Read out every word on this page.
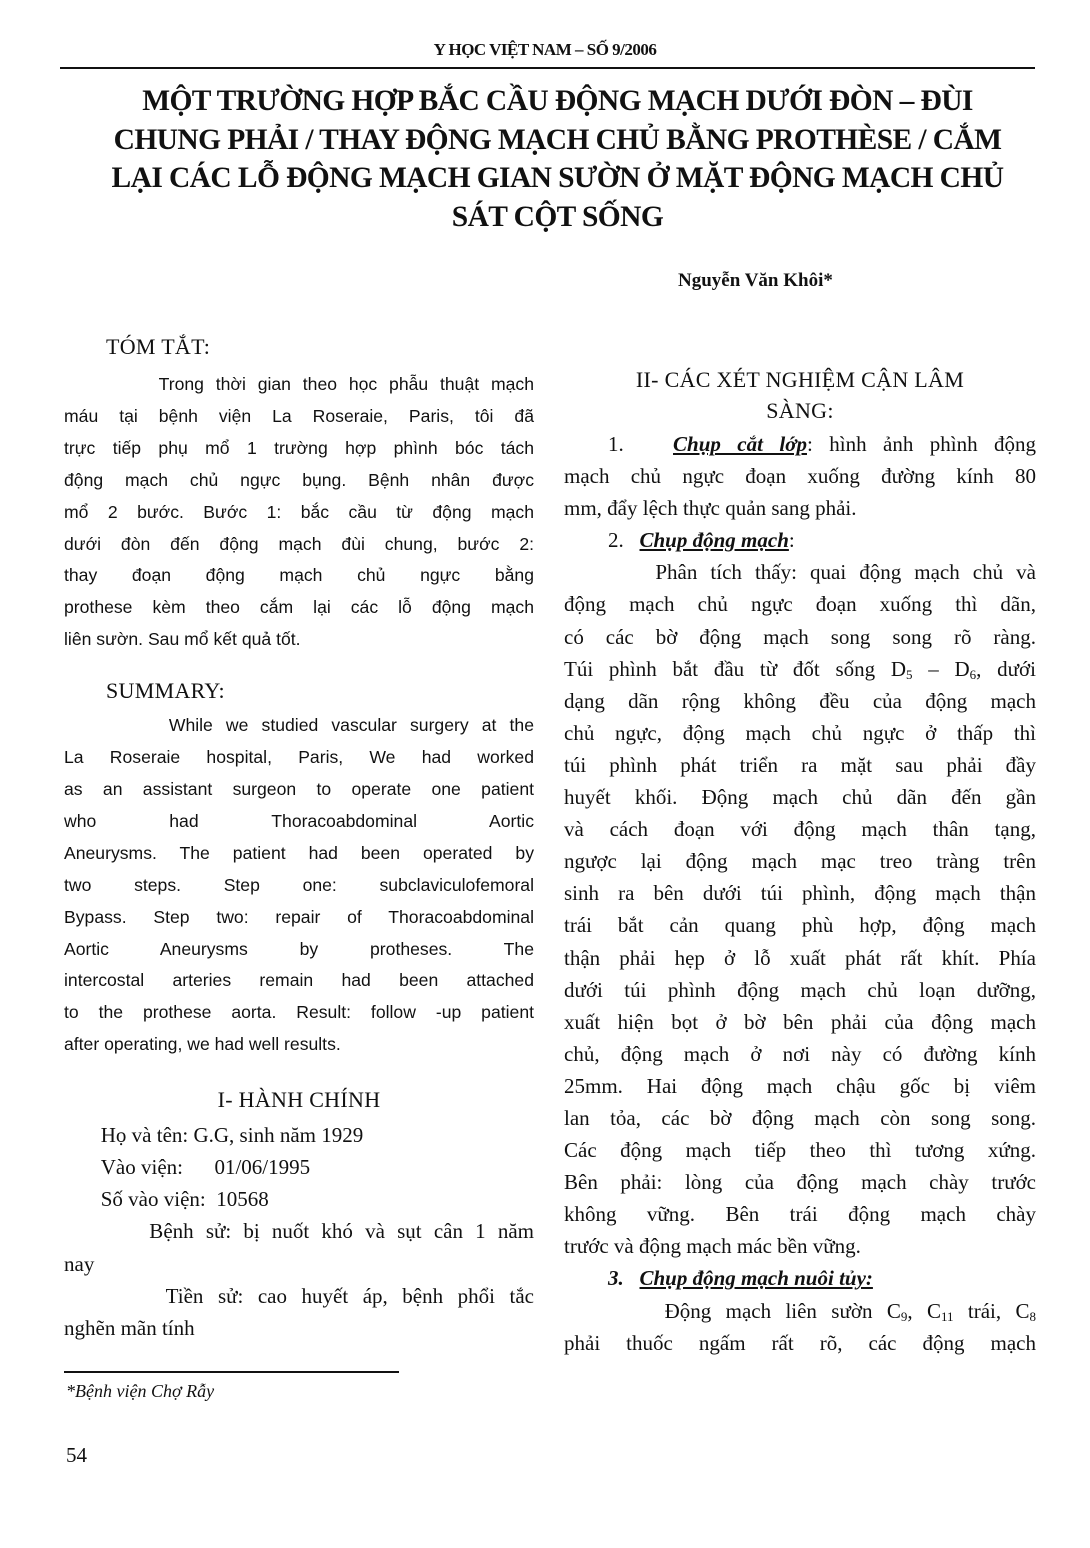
Y HỌC VIỆT NAM – SỐ 9/2006
MỘT TRƯỜNG HỢP BẮC CẦU ĐỘNG MẠCH DƯỚI ĐÒN – ĐÙI
CHUNG PHẢI / THAY ĐỘNG MẠCH CHỦ BẰNG PROTHÈSE / CẮM
LẠI CÁC LỖ ĐỘNG MẠCH GIAN SƯỜN Ở MẶT ĐỘNG MẠCH CHỦ
SÁT CỘT SỐNG
Nguyễn Văn Khôi*
TÓM TẮT:
Trong thời gian theo học phẫu thuật mạch
máu tại bệnh viện La Roseraie, Paris, tôi đã
trực tiếp phụ mổ 1 trường hợp phình bóc tách
động mạch chủ ngực bụng. Bệnh nhân được
mổ 2 bước. Bước 1: bắc cầu từ động mạch
dưới đòn đến động mạch đùi chung, bước 2:
thay đoạn động mạch chủ ngực bằng
prothese kèm theo cắm lại các lỗ động mạch
liên sườn. Sau mổ kết quả tốt.
SUMMARY:
While we studied vascular surgery at the
La Roseraie hospital, Paris, We had worked
as an assistant surgeon to operate one patient
who had Thoracoabdominal Aortic
Aneurysms. The patient had been operated by
two steps. Step one: subclaviculofemoral
Bypass. Step two: repair of Thoracoabdominal
Aortic Aneurysms by protheses. The
intercostal arteries remain had been attached
to the prothese aorta. Result: follow -up patient
after operating, we had well results.
I- HÀNH CHÍNH
Họ và tên: G.G, sinh năm 1929
Vào viện:      01/06/1995
Số vào viện:  10568
Bệnh sử: bị nuốt khó và sụt cân 1 năm
nay
Tiền sử: cao huyết áp, bệnh phổi tắc
nghẽn mãn tính
II- CÁC XÉT NGHIỆM CẬN LÂM
SÀNG:
1. Chụp cắt lớp: hình ảnh phình động
mạch chủ ngực đoạn xuống đường kính 80
mm, đẩy lệch thực quản sang phải.
2. Chụp động mạch:
Phân tích thấy: quai động mạch chủ và
động mạch chủ ngực đoạn xuống thì dãn,
có các bờ động mạch song song rõ ràng.
Túi phình bắt đầu từ đốt sống $D_5 - D_6$, dưới
dạng dãn rộng không đều của động mạch
chủ ngực, động mạch chủ ngực ở thấp thì
túi phình phát triển ra mặt sau phải đầy
huyết khối. Động mạch chủ dãn đến gần
và cách đoạn với động mạch thân tạng,
ngược lại động mạch mạc treo tràng trên
sinh ra bên dưới túi phình, động mạch thận
trái bắt cản quang phù hợp, động mạch
thận phải hẹp ở lỗ xuất phát rất khít. Phía
dưới túi phình động mạch chủ loạn dưỡng,
xuất hiện bọt ở bờ bên phải của động mạch
chủ, động mạch ở nơi này có đường kính
25mm. Hai động mạch chậu gốc bị viêm
lan tỏa, các bờ động mạch còn song song.
Các động mạch tiếp theo thì tương xứng.
Bên phải: lòng của động mạch chày trước
không vững. Bên trái động mạch chày
trước và động mạch mác bền vững.
3. Chụp động mạch nuôi tủy:
Động mạch liên sườn $C_9$, $C_{11}$ trái, $C_8$
phải thuốc ngấm rất rõ, các động mạch
*Bệnh viện Chợ Rẫy
54
